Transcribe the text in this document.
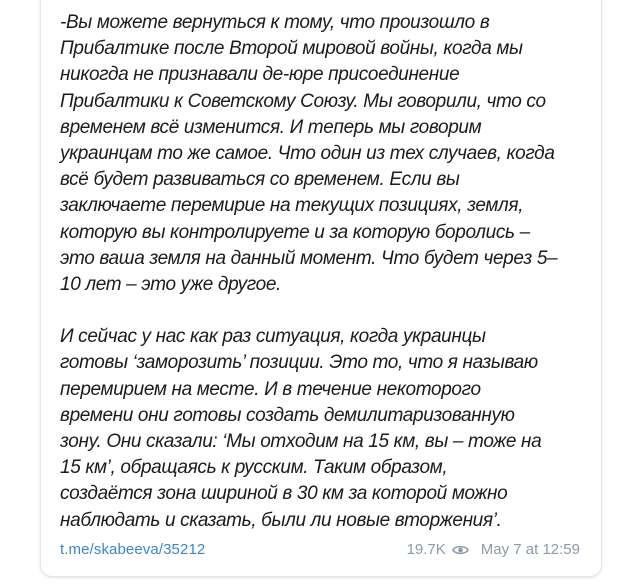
-Вы можете вернуться к тому, что произошло в
Прибалтике после Второй мировой войны, когда мы
никогда не признавали де-юре присоединение
Прибалтики к Советскому Союзу. Мы говорили, что со
временем всё изменится. И теперь мы говорим
украинцам то же самое. Что один из тех случаев, когда
всё будет развиваться со временем. Если вы
заключаете перемирие на текущих позициях, земля,
которую вы контролируете и за которую боролись –
это ваша земля на данный момент. Что будет через 5–
10 лет – это уже другое.

И сейчас у нас как раз ситуация, когда украинцы
готовы ‘заморозить’ позиции. Это то, что я называю
перемирием на месте. И в течение некоторого
времени они готовы создать демилитаризованную
зону. Они сказали: ‘Мы отходим на 15 км, вы – тоже на
15 км’, обращаясь к русским. Таким образом,
создаётся зона шириной в 30 км за которой можно
наблюдать и сказать, были ли новые вторжения’.

t.me/skabeeva/35212	19.7K May 7 at 12:59
